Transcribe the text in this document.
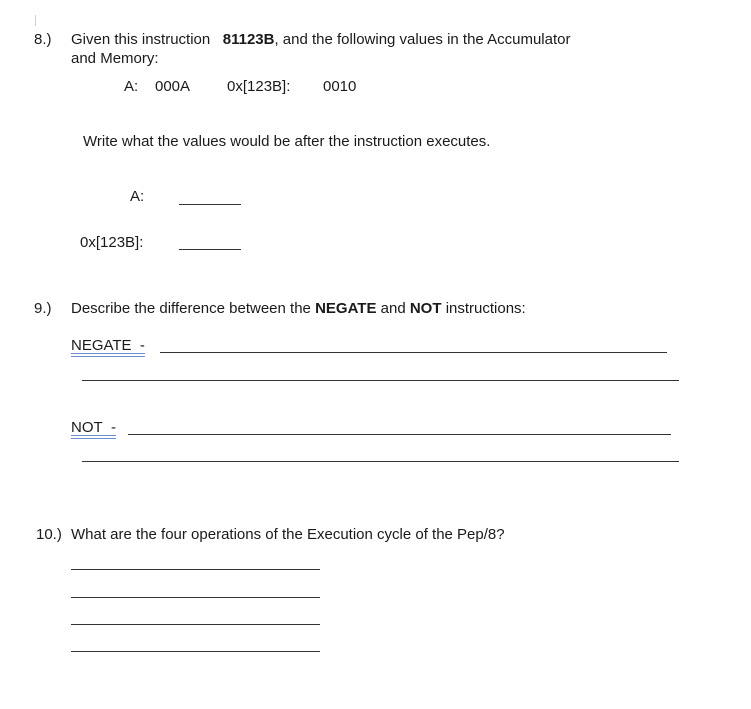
8.) Given this instruction 81123B, and the following values in the Accumulator
and Memory:
A: 000A 0x[123B]: 0010
Write what the values would be after the instruction executes.
A:
0x[123B]:
9.) Describe the difference between the NEGATE and NOT instructions:
NEGATE -
NOT -
10.) What are the four operations of the Execution cycle of the Pep/8?
